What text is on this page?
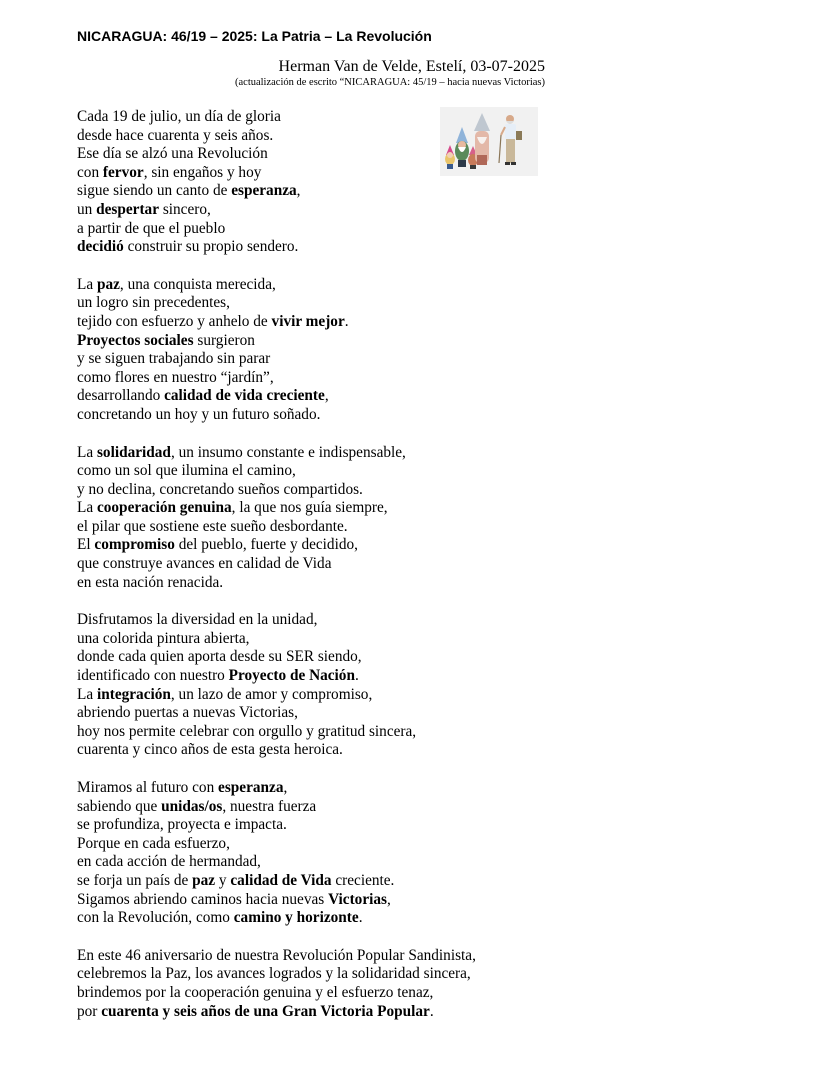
NICARAGUA: 46/19 – 2025: La Patria – La Revolución
Herman Van de Velde, Estelí, 03-07-2025
(actualización de escrito “NICARAGUA: 45/19 – hacia nuevas Victorias)
Cada 19 de julio, un día de gloria
desde hace cuarenta y seis años.
Ese día se alzó una Revolución
con fervor, sin engaños y hoy
sigue siendo un canto de esperanza,
un despertar sincero,
a partir de que el pueblo
decidió construir su propio sendero.
La paz, una conquista merecida,
un logro sin precedentes,
tejido con esfuerzo y anhelo de vivir mejor.
Proyectos sociales surgieron
y se siguen trabajando sin parar
como flores en nuestro “jardín”,
desarrollando calidad de vida creciente,
concretando un hoy y un futuro soñado.
La solidaridad, un insumo constante e indispensable,
como un sol que ilumina el camino,
y no declina, concretando sueños compartidos.
La cooperación genuina, la que nos guía siempre,
el pilar que sostiene este sueño desbordante.
El compromiso del pueblo, fuerte y decidido,
que construye avances en calidad de Vida
en esta nación renacida.
Disfrutamos la diversidad en la unidad,
una colorida pintura abierta,
donde cada quien aporta desde su SER siendo,
identificado con nuestro Proyecto de Nación.
La integración, un lazo de amor y compromiso,
abriendo puertas a nuevas Victorias,
hoy nos permite celebrar con orgullo y gratitud sincera,
cuarenta y cinco años de esta gesta heroica.
Miramos al futuro con esperanza,
sabiendo que unidas/os, nuestra fuerza
se profundiza, proyecta e impacta.
Porque en cada esfuerzo,
en cada acción de hermandad,
se forja un país de paz y calidad de Vida creciente.
Sigamos abriendo caminos hacia nuevas Victorias,
con la Revolución, como camino y horizonte.
En este 46 aniversario de nuestra Revolución Popular Sandinista,
celebremos la Paz, los avances logrados y la solidaridad sincera,
brindemos por la cooperación genuina y el esfuerzo tenaz,
por cuarenta y seis años de una Gran Victoria Popular.
